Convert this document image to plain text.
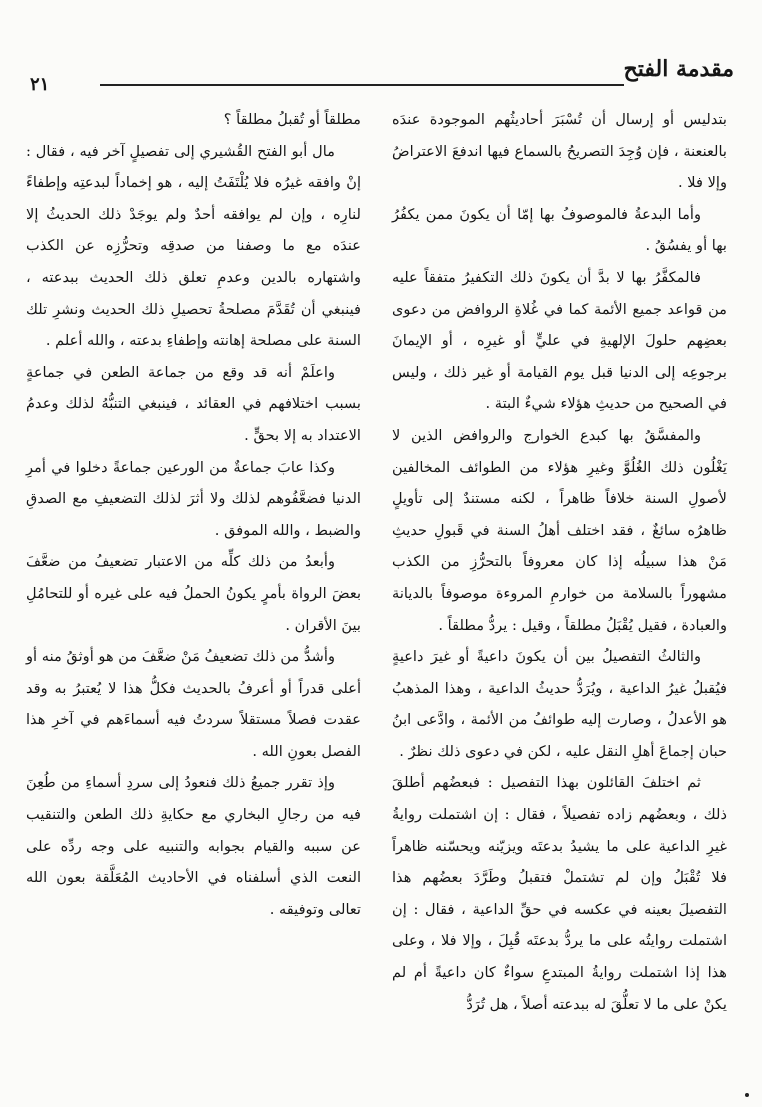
مقدمة الفتح
٢١

بتدليس أو إرسال أن تُسْبَرَ أحاديثُهم الموجودة عندَه بالعنعنة ، فإن وُجِدَ التصريحُ بالسماع فيها اندفعَ الاعتراضُ وإلا فلا .

وأما البدعةُ فالموصوفُ بها إمّا أن يكونَ ممن يكفُرُ بها أو يفسُقُ .

فالمكفَّرُ بها لا بدَّ أن يكونَ ذلك التكفيرُ متفقاً عليه من قواعد جميع الأئمة كما في غُلاةِ الروافض من دعوى بعضِهم حلولَ الإلهيةِ في عليٍّ أو غيرِه ، أو الإيمانَ برجوعِه إلى الدنيا قبل يوم القيامة أو غير ذلك ، وليس في الصحيح من حديثِ هؤلاء شيءٌ البتة .

والمفسَّقُ بها كبدع الخوارج والروافض الذين لا يَغْلُون ذلك الغُلُوَّ وغيرِ هؤلاء من الطوائف المخالفين لأصولِ السنة خلافاً ظاهراً ، لكنه مستندٌ إلى تأويلٍ ظاهرُه سائغٌ ، فقد اختلف أهلُ السنة في قَبولِ حديثِ مَنْ هذا سبيلُه إذا كان معروفاً بالتحرُّزِ من الكذب مشهوراً بالسلامة من خوارمِ المروءة موصوفاً بالديانة والعبادة ، فقيل يُقْبَلُ مطلقاً ، وقيل : يردُّ مطلقاً .

والثالثُ التفصيلُ بين أن يكونَ داعيةً أو غيرَ داعيةٍ فيُقبلُ غيرُ الداعية ، ويُرَدُّ حديثُ الداعية ، وهذا المذهبُ هو الأعدلُ ، وصارت إليه طوائفُ من الأئمة ، وادَّعى ابنُ حبان إجماعَ أهلِ النقل عليه ، لكن في دعوى ذلك نظرٌ .

ثم اختلفَ القائلون بهذا التفصيل : فبعضُهم أطلقَ ذلك ، وبعضُهم زاده تفصيلاً ، فقال : إن اشتملت روايةُ غيرِ الداعية على ما يشيدُ بدعتَه ويزيّنه ويحسّنه ظاهراً فلا تُقْبَلُ وإن لم تشتملْ فتقبلُ وطَرَّدَ بعضُهم هذا التفصيلَ بعينه في عكسه في حقِّ الداعية ، فقال : إن اشتملت روايتُه على ما يردُّ بدعتَه قُبِلَ ، وإلا فلا ، وعلى هذا إذا اشتملت روايةُ المبتدعِ سواءٌ كان داعيةً أم لم يكنْ على ما لا تعلُّقَ له ببدعته أصلاً ، هل تُرَدُّ

مطلقاً أو تُقبلُ مطلقاً ؟

مال أبو الفتح القُشيري إلى تفصيلٍ آخر فيه ، فقال : إنْ وافقه غيرُه فلا يُلْتَفَتُ إليه ، هو إخماداً لبدعتِه وإطفاءً لنارِه ، وإن لم يوافقه أحدٌ ولم يوجَدْ ذلك الحديثُ إلا عندَه مع ما وصفنا من صدقِه وتحرُّزِه عن الكذب واشتهاره بالدين وعدمِ تعلق ذلك الحديث ببدعته ، فينبغي أن تُقَدَّمَ مصلحةُ تحصيلِ ذلك الحديث ونشرِ تلك السنة على مصلحة إهانته وإطفاءِ بدعته ، والله أعلم .

واعلَمْ أنه قد وقع من جماعة الطعن في جماعةٍ بسبب اختلافهم في العقائد ، فينبغي التنبُّهُ لذلك وعدمُ الاعتداد به إلا بحقٍّ .

وكذا عابَ جماعةٌ من الورعين جماعةً دخلوا في أمرِ الدنيا فضعَّفُوهم لذلك ولا أثرَ لذلك التضعيفِ مع الصدقِ والضبط ، والله الموفق .

وأبعدُ من ذلك كلِّه من الاعتبار تضعيفُ من ضعَّفَ بعضَ الرواة بأمرٍ يكونُ الحملُ فيه على غيره أو للتحامُلِ بينَ الأقران .

وأشدُّ من ذلك تضعيفُ مَنْ ضعَّفَ من هو أوثقُ منه أو أعلى قدراً أو أعرفُ بالحديث فكلُّ هذا لا يُعتبرُ به وقد عقدت فصلاً مستقلاً سردتُ فيه أسماءَهم في آخرِ هذا الفصل بعونِ الله .

وإذ تقرر جميعُ ذلك فنعودُ إلى سردِ أسماءِ من طُعِنَ فيه من رجالِ البخاري مع حكايةِ ذلك الطعن والتنقيب عن سببه والقيام بجوابه والتنبيه على وجه ردِّه على النعت الذي أسلفناه في الأحاديث المُعَلَّقة بعون الله تعالى وتوفيقه .
